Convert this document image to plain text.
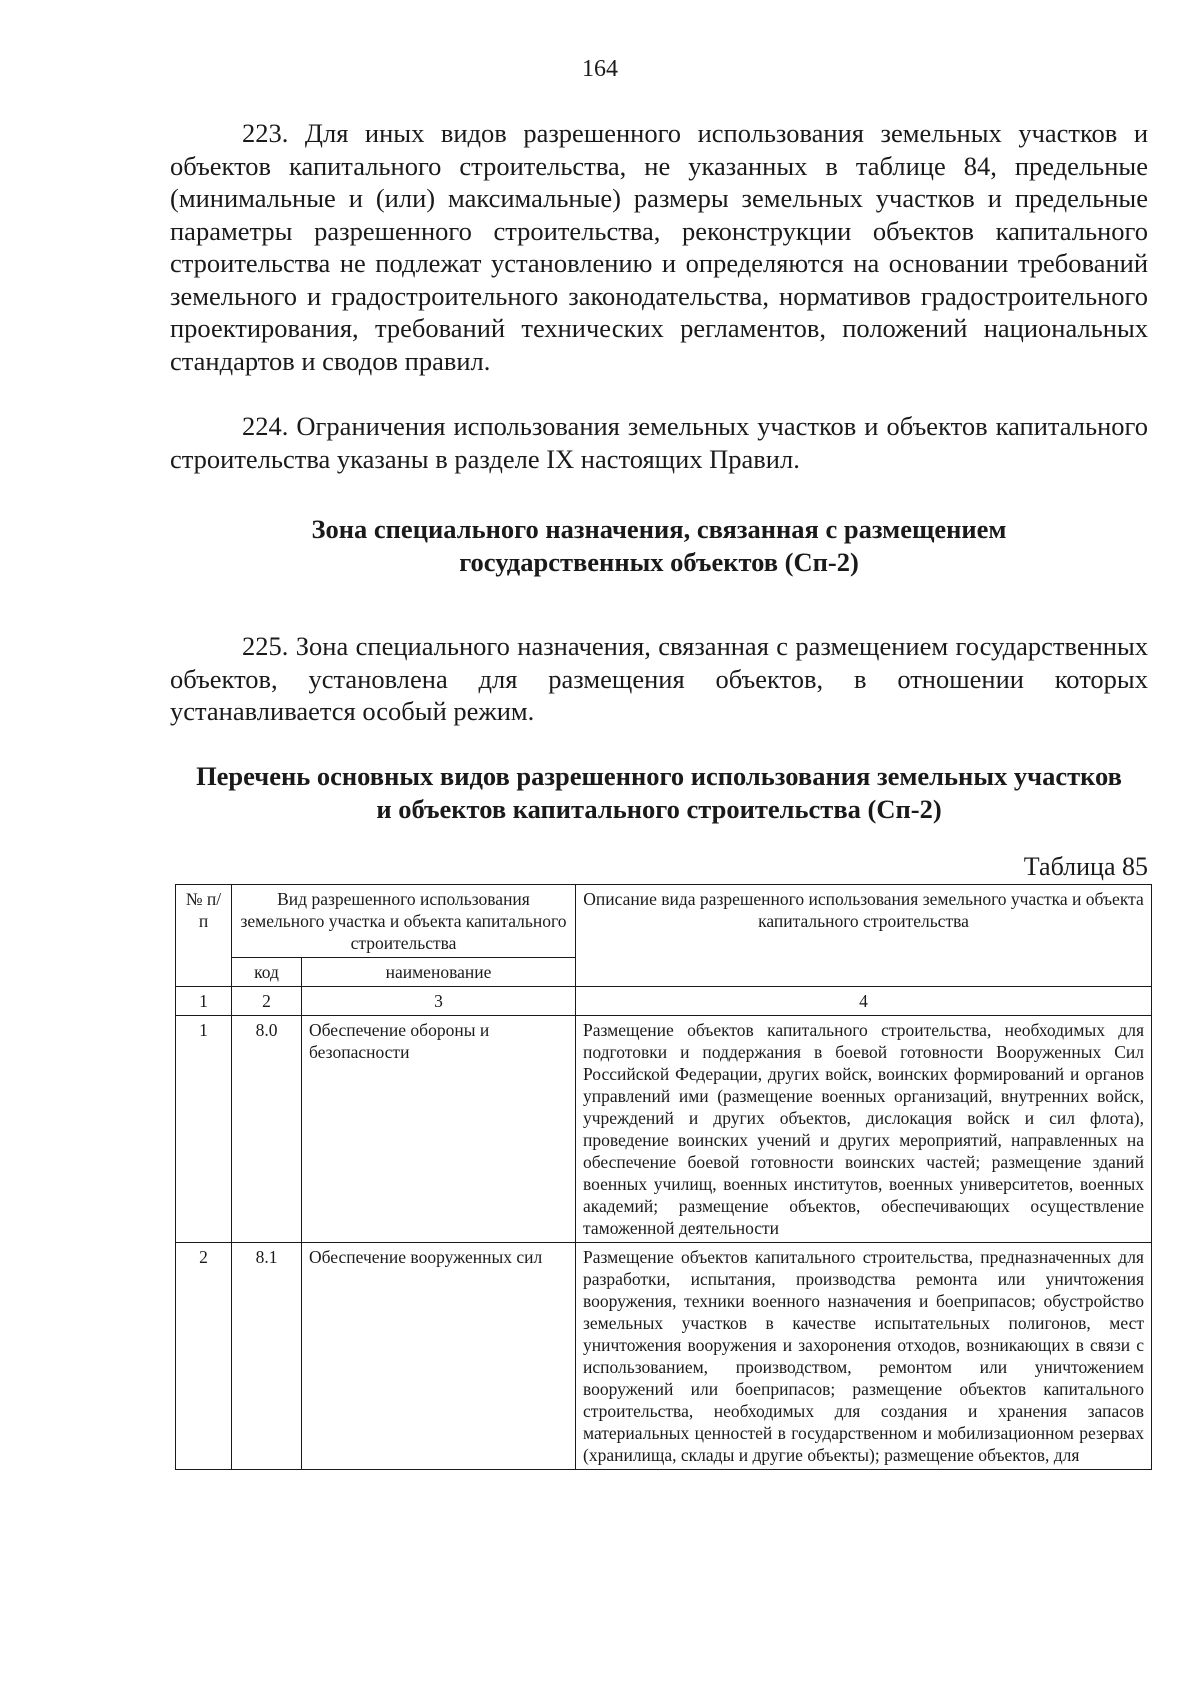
164

223. Для иных видов разрешенного использования земельных участков и объектов капитального строительства, не указанных в таблице 84, предельные (минимальные и (или) максимальные) размеры земельных участков и предельные параметры разрешенного строительства, реконструкции объектов капитального строительства не подлежат установлению и определяются на основании требований земельного и градостроительного законодательства, нормативов градостроительного проектирования, требований технических регламентов, положений национальных стандартов и сводов правил.

224. Ограничения использования земельных участков и объектов капитального строительства указаны в разделе IX настоящих Правил.

Зона специального назначения, связанная с размещением
государственных объектов (Сп-2)

225. Зона специального назначения, связанная с размещением государственных объектов, установлена для размещения объектов, в отношении которых устанавливается особый режим.

Перечень основных видов разрешенного использования земельных участков
и объектов капитального строительства (Сп-2)
Таблица 85
№ п/п	Вид разрешенного использования земельного участка и объекта капитального строительства		Описание вида разрешенного использования земельного участка и объекта капитального строительства
	код	наименование	
1	2	3	4
1	8.0	Обеспечение обороны и безопасности	Размещение объектов капитального строительства, необходимых для подготовки и поддержания в боевой готовности Вооруженных Сил Российской Федерации, других войск, воинских формирований и органов управлений ими (размещение военных организаций, внутренних войск, учреждений и других объектов, дислокация войск и сил флота), проведение воинских учений и других мероприятий, направленных на обеспечение боевой готовности воинских частей; размещение зданий военных училищ, военных институтов, военных университетов, военных академий; размещение объектов, обеспечивающих осуществление таможенной деятельности
2	8.1	Обеспечение вооруженных сил	Размещение объектов капитального строительства, предназначенных для разработки, испытания, производства ремонта или уничтожения вооружения, техники военного назначения и боеприпасов; обустройство земельных участков в качестве испытательных полигонов, мест уничтожения вооружения и захоронения отходов, возникающих в связи с использованием, производством, ремонтом или уничтожением вооружений или боеприпасов; размещение объектов капитального строительства, необходимых для создания и хранения запасов материальных ценностей в государственном и мобилизационном резервах (хранилища, склады и другие объекты); размещение объектов, для
